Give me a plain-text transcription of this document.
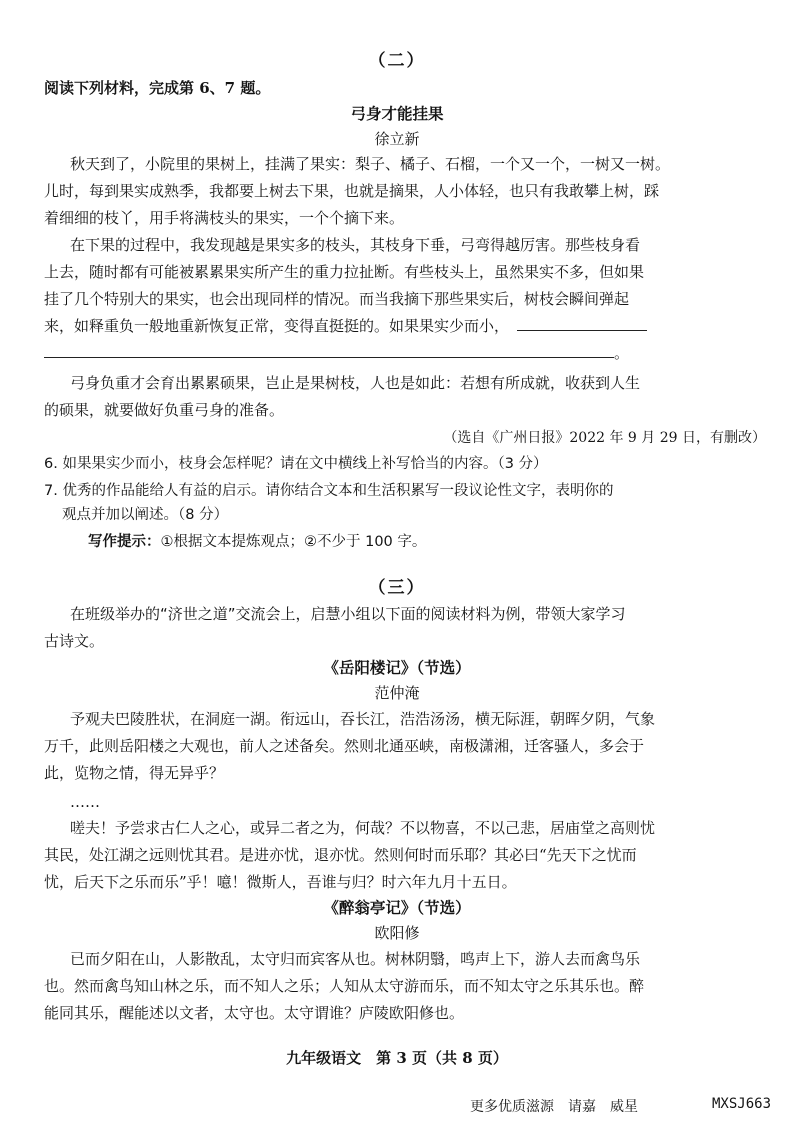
（二）
阅读下列材料，完成第 6、7 题。
弓身才能挂果
徐立新
秋天到了，小院里的果树上，挂满了果实：梨子、橘子、石榴，一个又一个，一树又一树。
儿时，每到果实成熟季，我都要上树去下果，也就是摘果，人小体轻，也只有我敢攀上树，踩
着细细的枝丫，用手将满枝头的果实，一个个摘下来。
在下果的过程中，我发现越是果实多的枝头，其枝身下垂，弓弯得越厉害。那些枝身看
上去，随时都有可能被累累果实所产生的重力拉扯断。有些枝头上，虽然果实不多，但如果
挂了几个特别大的果实，也会出现同样的情况。而当我摘下那些果实后，树枝会瞬间弹起
来，如释重负一般地重新恢复正常，变得直挺挺的。如果果实少而小，
。
弓身负重才会育出累累硕果，岂止是果树枝，人也是如此：若想有所成就，收获到人生
的硕果，就要做好负重弓身的准备。
（选自《广州日报》2022 年 9 月 29 日，有删改）
6. 如果果实少而小，枝身会怎样呢？请在文中横线上补写恰当的内容。（3 分）
7. 优秀的作品能给人有益的启示。请你结合文本和生活积累写一段议论性文字，表明你的
观点并加以阐述。（8 分）
写作提示：①根据文本提炼观点；②不少于 100 字。
（三）
在班级举办的“济世之道”交流会上，启慧小组以下面的阅读材料为例，带领大家学习
古诗文。
《岳阳楼记》（节选）
范仲淹
予观夫巴陵胜状，在洞庭一湖。衔远山，吞长江，浩浩汤汤，横无际涯，朝晖夕阴，气象
万千，此则岳阳楼之大观也，前人之述备矣。然则北通巫峡，南极潇湘，迁客骚人，多会于
此，览物之情，得无异乎？
……
嗟夫！予尝求古仁人之心，或异二者之为，何哉？不以物喜，不以己悲，居庙堂之高则忧
其民，处江湖之远则忧其君。是进亦忧，退亦忧。然则何时而乐耶？其必曰“先天下之忧而
忧，后天下之乐而乐”乎！噫！微斯人，吾谁与归？时六年九月十五日。
《醉翁亭记》（节选）
欧阳修
已而夕阳在山，人影散乱，太守归而宾客从也。树林阴翳，鸣声上下，游人去而禽鸟乐
也。然而禽鸟知山林之乐，而不知人之乐；人知从太守游而乐，而不知太守之乐其乐也。醉
能同其乐，醒能述以文者，太守也。太守谓谁？庐陵欧阳修也。
九年级语文　第 3 页（共 8 页）
更多优质滋源　请嘉　威星	MXSJ663
